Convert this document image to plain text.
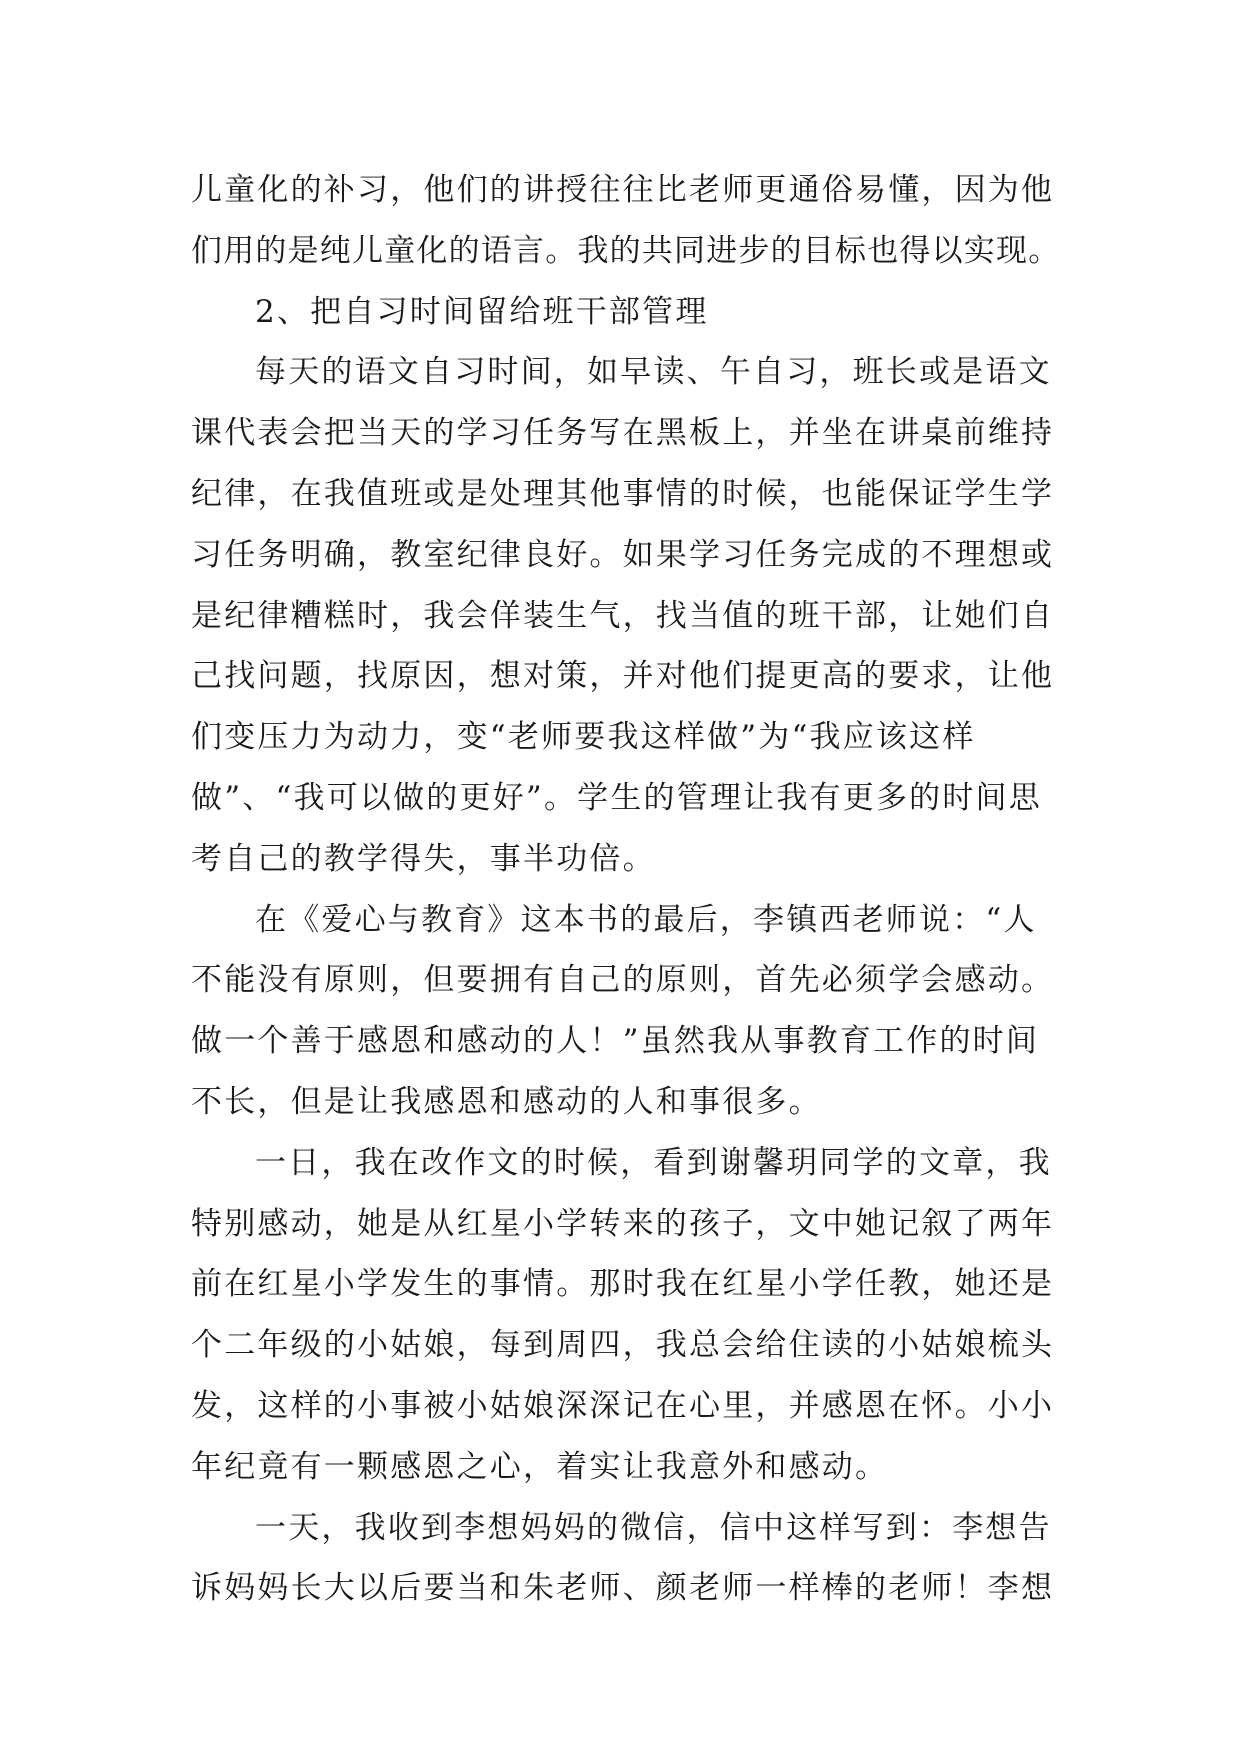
儿童化的补习，他们的讲授往往比老师更通俗易懂，因为他
们用的是纯儿童化的语言。我的共同进步的目标也得以实现。
2、把自习时间留给班干部管理
每天的语文自习时间，如早读、午自习，班长或是语文
课代表会把当天的学习任务写在黑板上，并坐在讲桌前维持
纪律，在我值班或是处理其他事情的时候，也能保证学生学
习任务明确，教室纪律良好。如果学习任务完成的不理想或
是纪律糟糕时，我会佯装生气，找当值的班干部，让她们自
己找问题，找原因，想对策，并对他们提更高的要求，让他
们变压力为动力，变“老师要我这样做”为“我应该这样
做”、“我可以做的更好”。学生的管理让我有更多的时间思
考自己的教学得失，事半功倍。
在《爱心与教育》这本书的最后，李镇西老师说：“人
不能没有原则，但要拥有自己的原则，首先必须学会感动。
做一个善于感恩和感动的人！”虽然我从事教育工作的时间
不长，但是让我感恩和感动的人和事很多。
一日，我在改作文的时候，看到谢馨玥同学的文章，我
特别感动，她是从红星小学转来的孩子，文中她记叙了两年
前在红星小学发生的事情。那时我在红星小学任教，她还是
个二年级的小姑娘，每到周四，我总会给住读的小姑娘梳头
发，这样的小事被小姑娘深深记在心里，并感恩在怀。小小
年纪竟有一颗感恩之心，着实让我意外和感动。
一天，我收到李想妈妈的微信，信中这样写到：李想告
诉妈妈长大以后要当和朱老师、颜老师一样棒的老师！李想
